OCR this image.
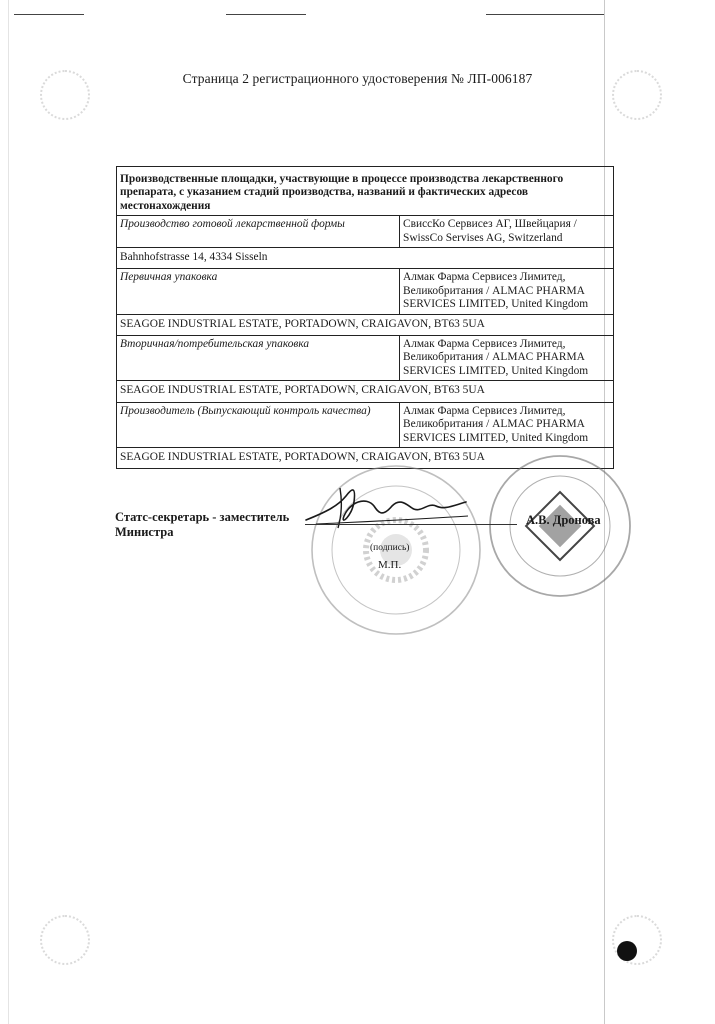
Страница 2 регистрационного удостоверения № ЛП-006187
Производственные площадки, участвующие в процессе производства лекарственного препарата, с указанием стадий производства, названий и фактических адресов местонахождения	
Производство готовой лекарственной формы	СвиссКо Сервисез АГ, Швейцария / SwissCo Servises AG, Switzerland
Bahnhofstrasse 14, 4334 Sisseln	
Первичная упаковка	Алмак Фарма Сервисез Лимитед, Великобритания / ALMAC PHARMA SERVICES LIMITED, United Kingdom
SEAGOE INDUSTRIAL ESTATE, PORTADOWN, CRAIGAVON, BT63 5UA	
Вторичная/потребительская упаковка	Алмак Фарма Сервисез Лимитед, Великобритания / ALMAC PHARMA SERVICES LIMITED, United Kingdom
SEAGOE INDUSTRIAL ESTATE, PORTADOWN, CRAIGAVON, BT63 5UA	
Производитель (Выпускающий контроль качества)	Алмак Фарма Сервисез Лимитед, Великобритания / ALMAC PHARMA SERVICES LIMITED, United Kingdom
SEAGOE INDUSTRIAL ESTATE, PORTADOWN, CRAIGAVON, BT63 5UA	
Статс-секретарь - заместитель
Министра
(подпись)
М.П.
А.В. Дронова
